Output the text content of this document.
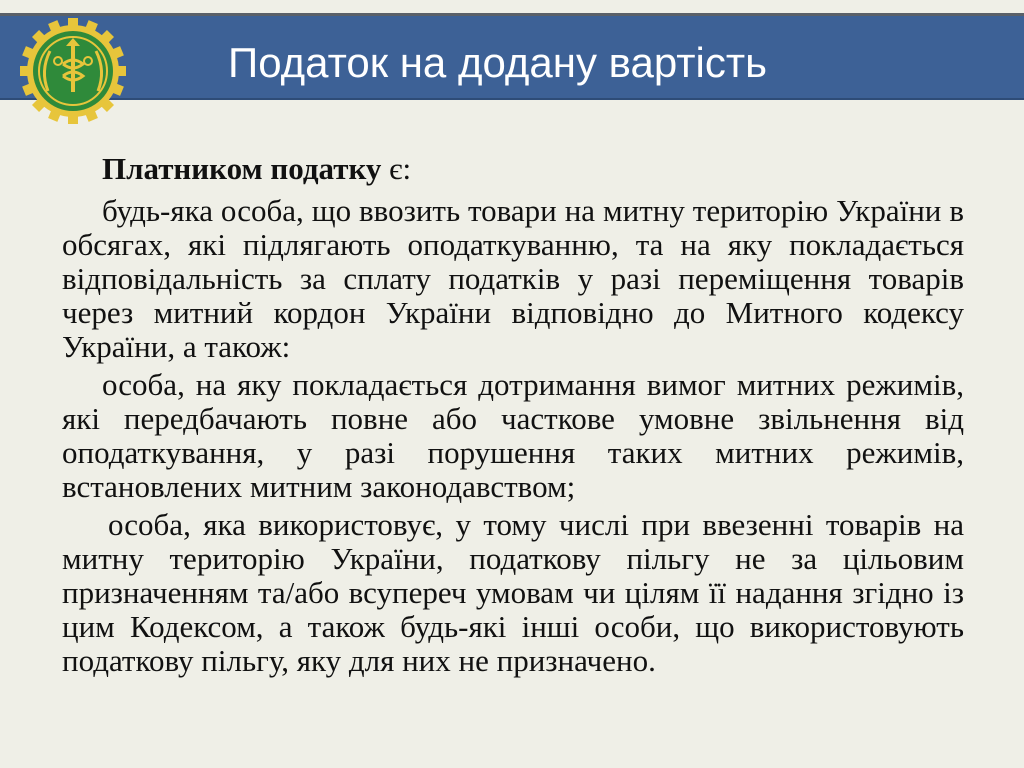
Податок на додану вартість

Платником податку є:

будь-яка особа, що ввозить товари на митну територію України в обсягах, які підлягають оподаткуванню, та на яку покладається відповідальність за сплату податків у разі переміщення товарів через митний кордон України відповідно до Митного кодексу України, а також:

особа, на яку покладається дотримання вимог митних режимів, які передбачають повне або часткове умовне звільнення від оподаткування, у разі порушення таких митних режимів, встановлених митним законодавством;

особа, яка використовує, у тому числі при ввезенні товарів на митну територію України, податкову пільгу не за цільовим призначенням та/або всупереч умовам чи цілям її надання згідно із цим Кодексом, а також будь-які інші особи, що використовують податкову пільгу, яку для них не призначено.
